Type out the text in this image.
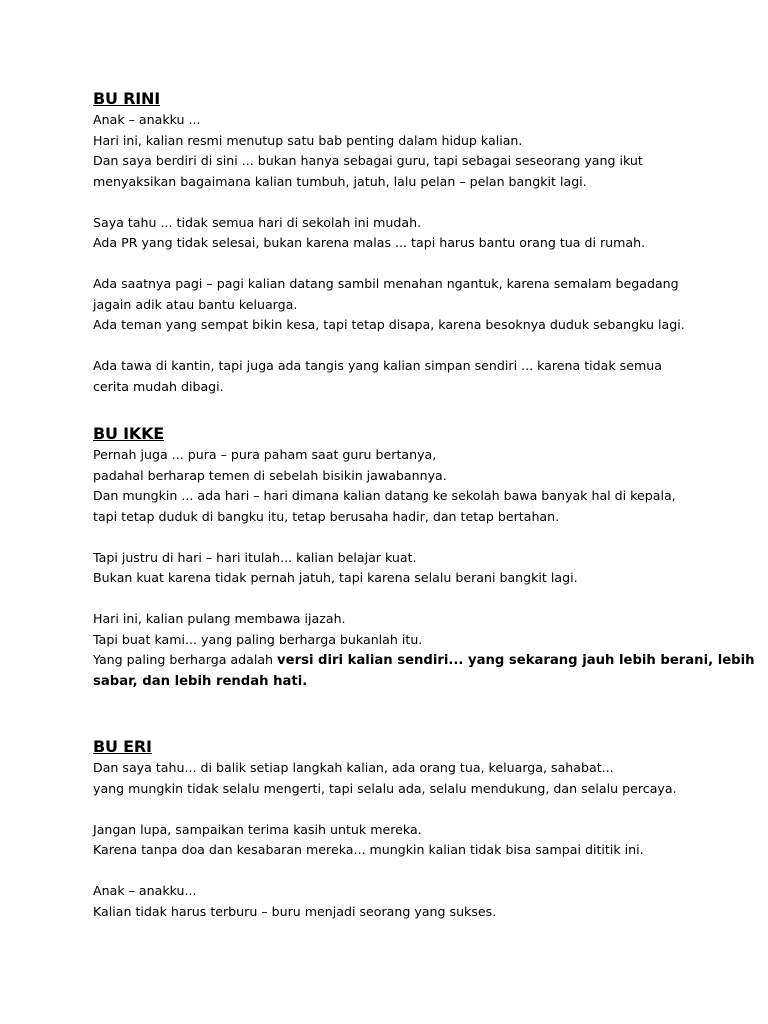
BU RINI
Anak – anakku ...
Hari ini, kalian resmi menutup satu bab penting dalam hidup kalian.
Dan saya berdiri di sini ... bukan hanya sebagai guru, tapi sebagai seseorang yang ikut
menyaksikan bagaimana kalian tumbuh, jatuh, lalu pelan – pelan bangkit lagi.
Saya tahu ... tidak semua hari di sekolah ini mudah.
Ada PR yang tidak selesai, bukan karena malas ... tapi harus bantu orang tua di rumah.
Ada saatnya pagi – pagi kalian datang sambil menahan ngantuk, karena semalam begadang
jagain adik atau bantu keluarga.
Ada teman yang sempat bikin kesa, tapi tetap disapa, karena besoknya duduk sebangku lagi.
Ada tawa di kantin, tapi juga ada tangis yang kalian simpan sendiri ... karena tidak semua
cerita mudah dibagi.
BU IKKE
Pernah juga ... pura – pura paham saat guru bertanya,
padahal berharap temen di sebelah bisikin jawabannya.
Dan mungkin ... ada hari – hari dimana kalian datang ke sekolah bawa banyak hal di kepala,
tapi tetap duduk di bangku itu, tetap berusaha hadir, dan tetap bertahan.
Tapi justru di hari – hari itulah... kalian belajar kuat.
Bukan kuat karena tidak pernah jatuh, tapi karena selalu berani bangkit lagi.
Hari ini, kalian pulang membawa ijazah.
Tapi buat kami... yang paling berharga bukanlah itu.
Yang paling berharga adalah versi diri kalian sendiri... yang sekarang jauh lebih berani, lebih
sabar, dan lebih rendah hati.
BU ERI
Dan saya tahu... di balik setiap langkah kalian, ada orang tua, keluarga, sahabat...
yang mungkin tidak selalu mengerti, tapi selalu ada, selalu mendukung, dan selalu percaya.
Jangan lupa, sampaikan terima kasih untuk mereka.
Karena tanpa doa dan kesabaran mereka... mungkin kalian tidak bisa sampai dititik ini.
Anak – anakku...
Kalian tidak harus terburu – buru menjadi seorang yang sukses.
